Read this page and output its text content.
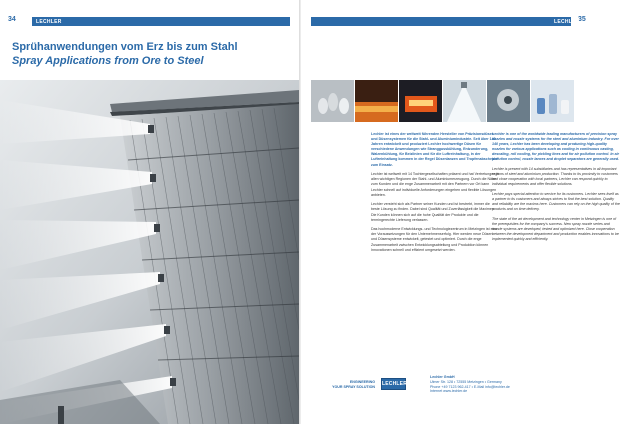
34	35
LECHLER	LECHLER
Sprühanwendungen vom Erz bis zum Stahl
Spray Applications from Ore to Steel

Lechler ist eines der weltweit führenden Hersteller von Präzisionsdüsen und Düsensystemen für die Stahl- und Aluminiumindustrie. Seit über 140 Jahren entwickelt und produziert Lechler hochwertige Düsen für verschiedene Anwendungen wie Stranggusskühlung, Entzunderung, Walzenkühlung, für Beizlinien und für die Luftreinhaltung, in der Luftreinhaltung kommen in der Regel Düsenlanzen und Tropfenabscheider zum Einsatz.

Lechler ist weltweit mit 14 Tochtergesellschaften präsent und hat Vertretungen in allen wichtigen Regionen der Stahl- und Aluminiumerzeugung. Durch die Nähe zum Kunden und die enge Zusammenarbeit mit den Partnern vor Ort kann Lechler schnell auf individuelle Anforderungen eingehen und flexible Lösungen anbieten.

Lechler versteht sich als Partner seiner Kunden und ist bestrebt, immer die beste Lösung zu finden. Dabei sind Qualität und Zuverlässigkeit die Maximen. Die Kunden können sich auf die hohe Qualität der Produkte und die termingerechte Lieferung verlassen.

Das hochmoderne Entwicklungs- und Technologiezentrum in Metzingen ist eine der Voraussetzungen für den Unternehmenserfolg. Hier werden neue Düsen und Düsensysteme entwickelt, getestet und optimiert. Durch die enge Zusammenarbeit zwischen Entwicklungsabteilung und Produktion können Innovationen schnell und effizient umgesetzt werden.

Lechler is one of the worldwide leading manufacturers of precision spray nozzles and nozzle systems for the steel and aluminium industry. For over 140 years, Lechler has been developing and producing high-quality nozzles for various applications such as cooling in continuous casting, descaling, roll cooling, for pickling lines and for air pollution control. In air pollution control, nozzle lances and droplet separators are generally used.

Lechler is present with 14 subsidiaries and has representatives in all important regions of steel and aluminium production. Thanks to its proximity to customers and close cooperation with local partners, Lechler can respond quickly to individual requirements and offer flexible solutions.

Lechler pays special attention to service for its customers. Lechler sees itself as a partner to its customers and always strives to find the best solution. Quality and reliability are the maxims here. Customers can rely on the high quality of the products and on time delivery.

The state of the art development and technology center in Metzingen is one of the prerequisites for the company's success. New spray nozzle series and nozzle systems are developed, tested and optimized here. Close cooperation between the development department and production enables innovations to be implemented quickly and efficiently.

ENGINEERING
YOUR SPRAY SOLUTION LECHLER
Lechler GmbH
Ulmer Str. 128 • 72555 Metzingen • Germany
Phone +49 7123 962-417 • E-Mail info@lechler.de
Internet www.lechler.de
